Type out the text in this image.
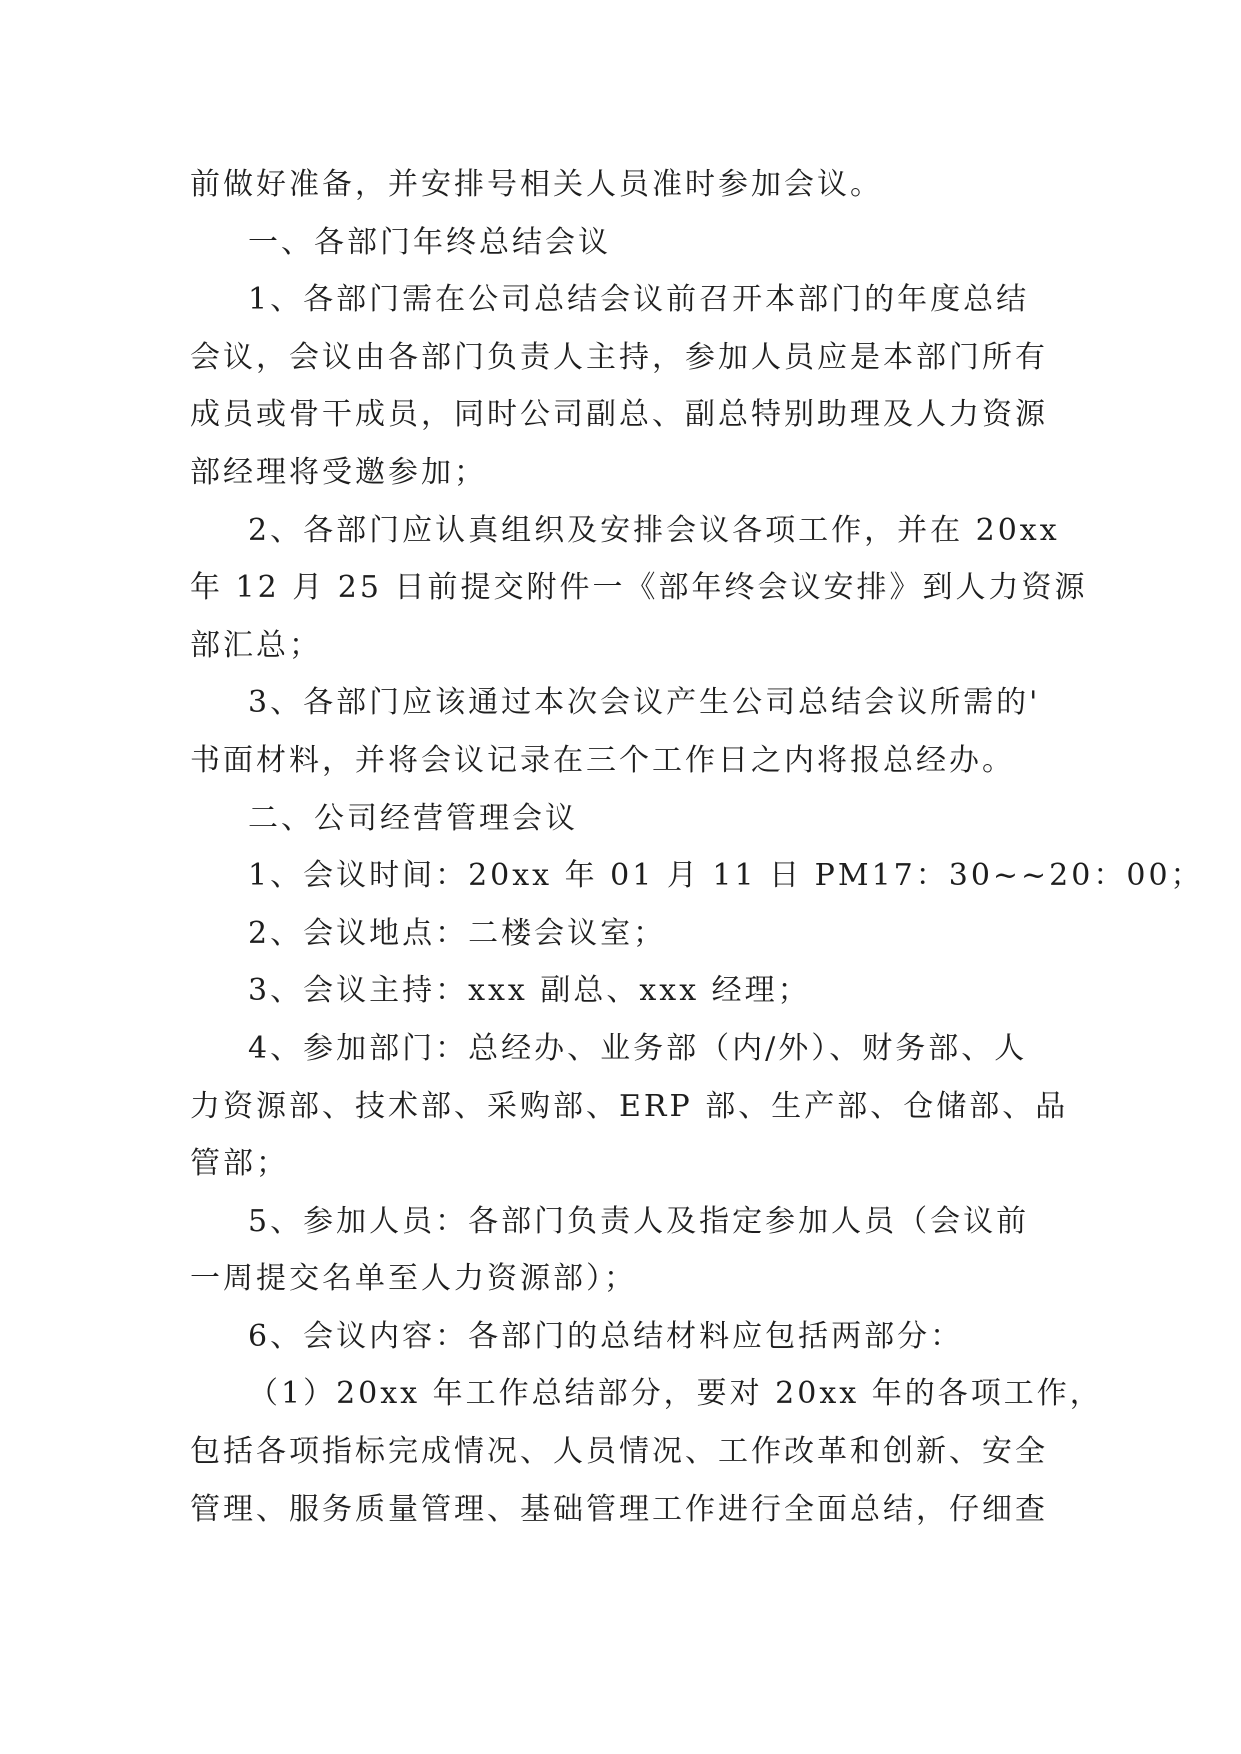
前做好准备，并安排号相关人员准时参加会议。
一、各部门年终总结会议
1、各部门需在公司总结会议前召开本部门的年度总结
会议，会议由各部门负责人主持，参加人员应是本部门所有
成员或骨干成员，同时公司副总、副总特别助理及人力资源
部经理将受邀参加；
2、各部门应认真组织及安排会议各项工作，并在 20xx
年 12 月 25 日前提交附件一《部年终会议安排》到人力资源
部汇总；
3、各部门应该通过本次会议产生公司总结会议所需的'
书面材料，并将会议记录在三个工作日之内将报总经办。
二、公司经营管理会议
1、会议时间：20xx 年 01 月 11 日 PM17：30~~20：00；
2、会议地点：二楼会议室；
3、会议主持：xxx 副总、xxx 经理；
4、参加部门：总经办、业务部（内/外）、财务部、人
力资源部、技术部、采购部、ERP 部、生产部、仓储部、品
管部；
5、参加人员：各部门负责人及指定参加人员（会议前
一周提交名单至人力资源部）；
6、会议内容：各部门的总结材料应包括两部分：
（1）20xx 年工作总结部分，要对 20xx 年的各项工作，
包括各项指标完成情况、人员情况、工作改革和创新、安全
管理、服务质量管理、基础管理工作进行全面总结，仔细查
